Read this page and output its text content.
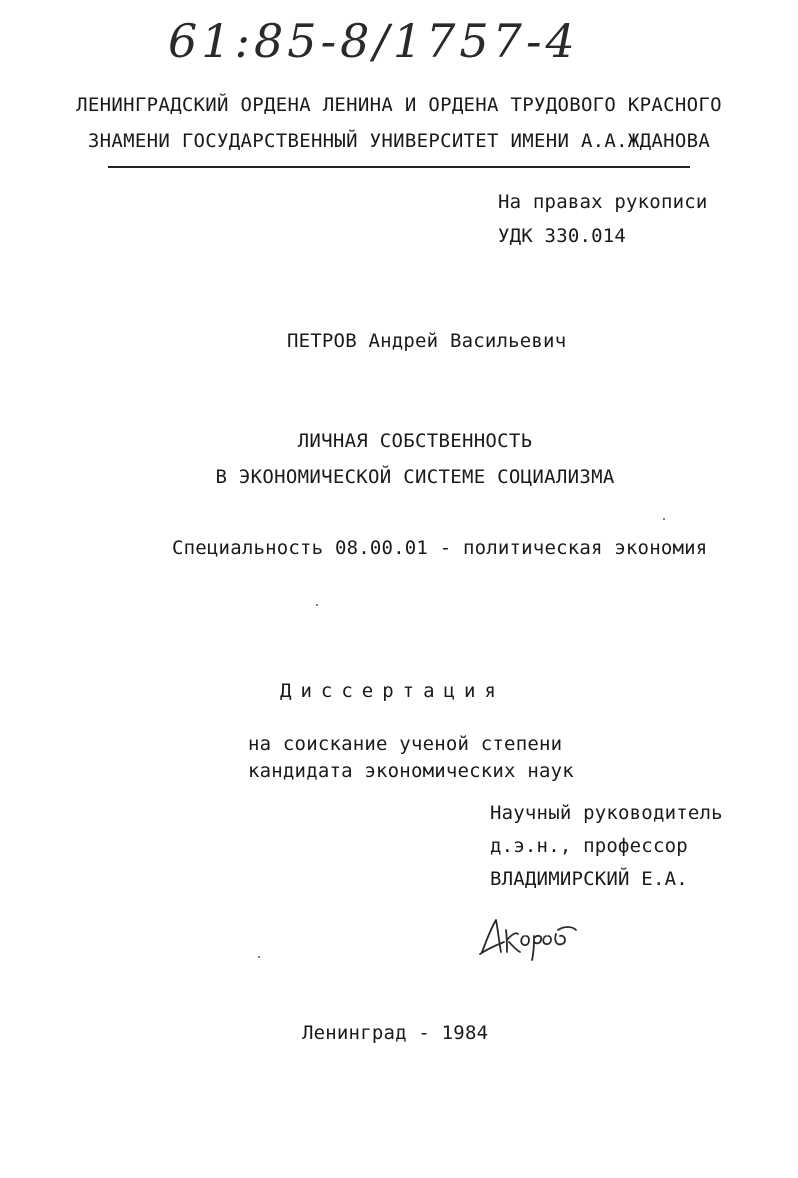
61:85-8/1757-4
ЛЕНИНГРАДСКИЙ ОРДЕНА ЛЕНИНА И ОРДЕНА ТРУДОВОГО КРАСНОГО
ЗНАМЕНИ ГОСУДАРСТВЕННЫЙ УНИВЕРСИТЕТ ИМЕНИ А.А.ЖДАНОВА
На правах рукописи
УДК 330.014
ПЕТРОВ Андрей Васильевич
ЛИЧНАЯ СОБСТВЕННОСТЬ
В ЭКОНОМИЧЕСКОЙ СИСТЕМЕ СОЦИАЛИЗМА
Специальность 08.00.01 - политическая экономия
Диссертация
на соискание ученой степени
кандидата экономических наук
Научный руководитель
д.э.н., профессор
ВЛАДИМИРСКИЙ Е.А.
Ленинград - 1984
